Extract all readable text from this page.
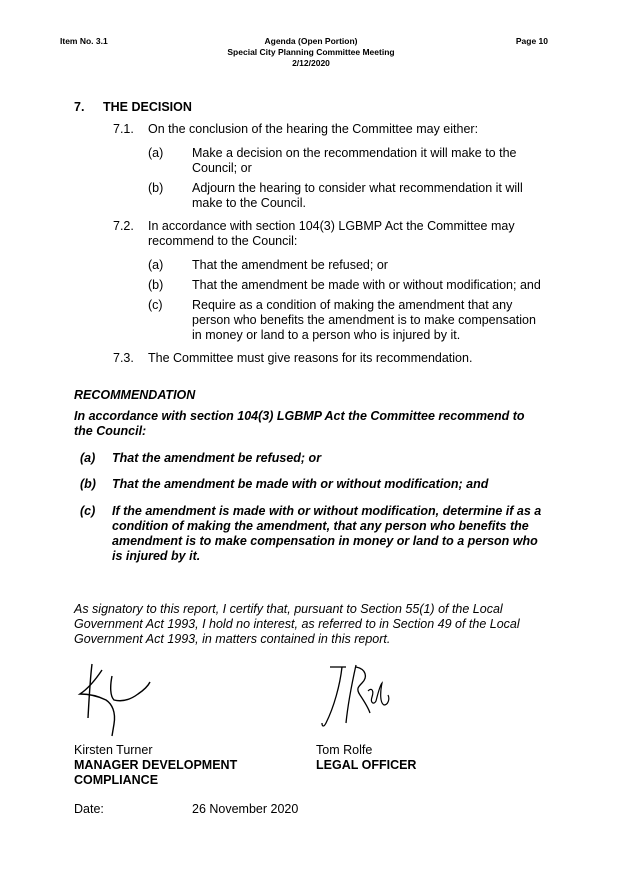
Item No. 3.1	Agenda (Open Portion)
Special City Planning Committee Meeting
2/12/2020
Page 10
7. THE DECISION
7.1. On the conclusion of the hearing the Committee may either:
(a) Make a decision on the recommendation it will make to the
Council; or
(b) Adjourn the hearing to consider what recommendation it will
make to the Council.
7.2. In accordance with section 104(3) LGBMP Act the Committee may
recommend to the Council:
(a) That the amendment be refused; or
(b) That the amendment be made with or without modification; and
(c) Require as a condition of making the amendment that any
person who benefits the amendment is to make compensation
in money or land to a person who is injured by it.
7.3. The Committee must give reasons for its recommendation.
RECOMMENDATION
In accordance with section 104(3) LGBMP Act the Committee recommend to
the Council:
(a) That the amendment be refused; or
(b) That the amendment be made with or without modification; and
(c) If the amendment is made with or without modification, determine if as a
condition of making the amendment, that any person who benefits the
amendment is to make compensation in money or land to a person who
is injured by it.
As signatory to this report, I certify that, pursuant to Section 55(1) of the Local
Government Act 1993, I hold no interest, as referred to in Section 49 of the Local
Government Act 1993, in matters contained in this report.
Kirsten Turner
MANAGER DEVELOPMENT
COMPLIANCE
Tom Rolfe
LEGAL OFFICER
Date:	26 November 2020
